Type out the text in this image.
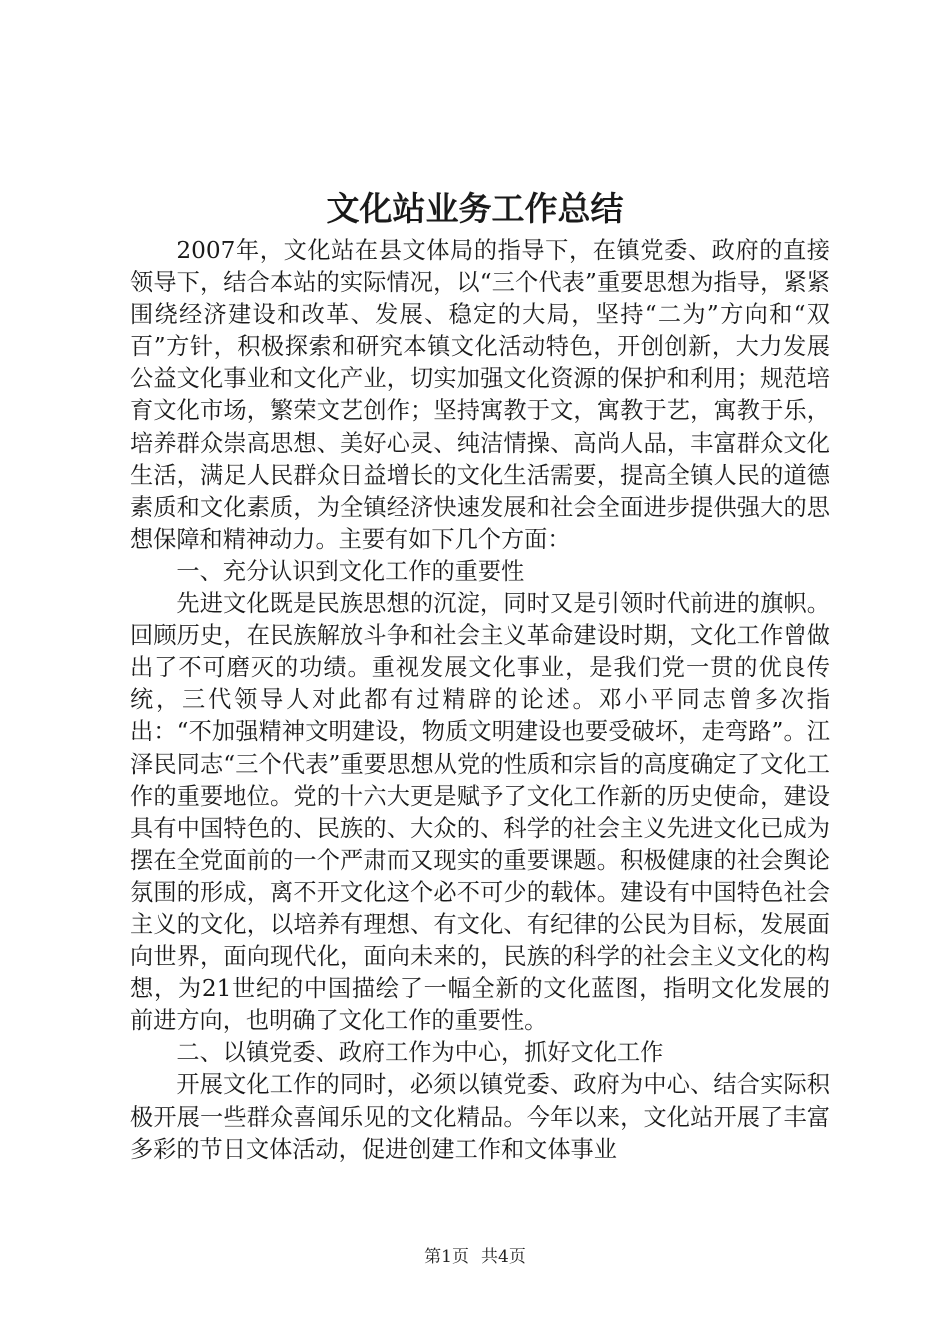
文化站业务工作总结

2007年，文化站在县文体局的指导下，在镇党委、政府的直接领导下，结合本站的实际情况，以“三个代表”重要思想为指导，紧紧围绕经济建设和改革、发展、稳定的大局，坚持“二为”方向和“双百”方针，积极探索和研究本镇文化活动特色，开创创新，大力发展公益文化事业和文化产业，切实加强文化资源的保护和利用；规范培育文化市场，繁荣文艺创作；坚持寓教于文，寓教于艺，寓教于乐，培养群众崇高思想、美好心灵、纯洁情操、高尚人品，丰富群众文化生活，满足人民群众日益增长的文化生活需要，提高全镇人民的道德素质和文化素质，为全镇经济快速发展和社会全面进步提供强大的思想保障和精神动力。主要有如下几个方面：

一、充分认识到文化工作的重要性

先进文化既是民族思想的沉淀，同时又是引领时代前进的旗帜。回顾历史，在民族解放斗争和社会主义革命建设时期，文化工作曾做出了不可磨灭的功绩。重视发展文化事业，是我们党一贯的优良传统，三代领导人对此都有过精辟的论述。邓小平同志曾多次指出：“不加强精神文明建设，物质文明建设也要受破坏，走弯路”。江泽民同志“三个代表”重要思想从党的性质和宗旨的高度确定了文化工作的重要地位。党的十六大更是赋予了文化工作新的历史使命，建设具有中国特色的、民族的、大众的、科学的社会主义先进文化已成为摆在全党面前的一个严肃而又现实的重要课题。积极健康的社会舆论氛围的形成，离不开文化这个必不可少的载体。建设有中国特色社会主义的文化，以培养有理想、有文化、有纪律的公民为目标，发展面向世界，面向现代化，面向未来的，民族的科学的社会主义文化的构想，为21世纪的中国描绘了一幅全新的文化蓝图，指明文化发展的前进方向，也明确了文化工作的重要性。

二、以镇党委、政府工作为中心，抓好文化工作

开展文化工作的同时，必须以镇党委、政府为中心、结合实际积极开展一些群众喜闻乐见的文化精品。今年以来，文化站开展了丰富多彩的节日文体活动，促进创建工作和文体事业

第1页 共4页
